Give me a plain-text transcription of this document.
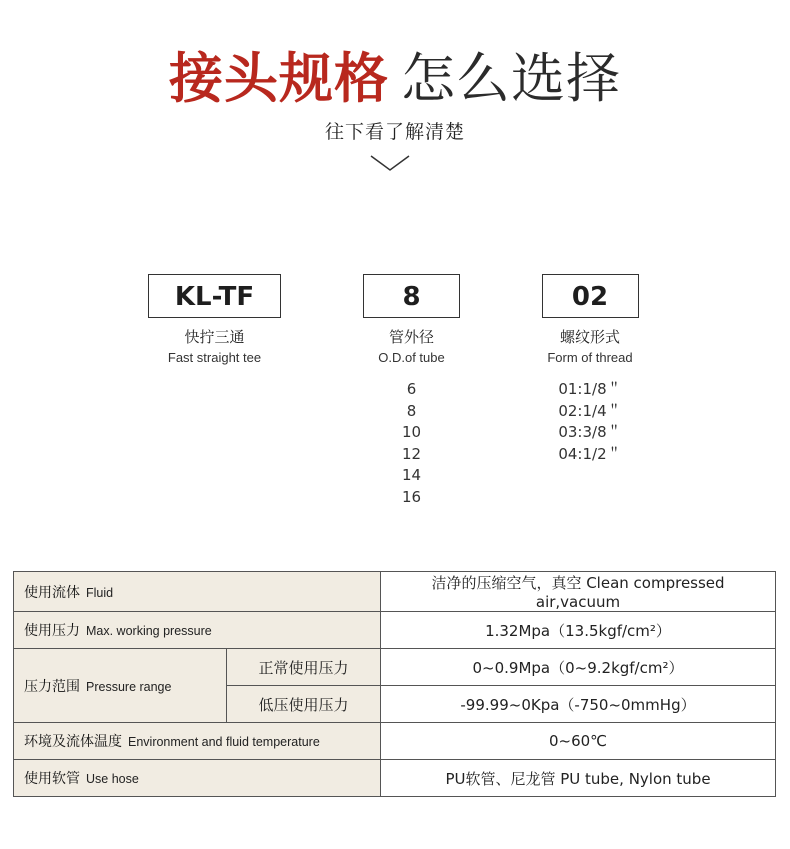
接头规格 怎么选择
往下看了解清楚
KL-TF
快拧三通
Fast straight tee
8
管外径
O.D.of tube
6
8
10
12
14
16
02
螺纹形式
Form of thread
01:1/8＂
02:1/4＂
03:3/8＂
04:1/2＂
使用流体 Fluid		洁净的压缩空气，真空 Clean compressed air,vacuum
使用压力 Max. working pressure		1.32Mpa（13.5kgf/cm²）
压力范围 Pressure range	正常使用压力	0~0.9Mpa（0~9.2kgf/cm²）
	低压使用压力	-99.99~0Kpa（-750~0mmHg）
环境及流体温度 Environment and fluid temperature		0~60℃
使用软管 Use hose		PU软管、尼龙管 PU tube, Nylon tube
